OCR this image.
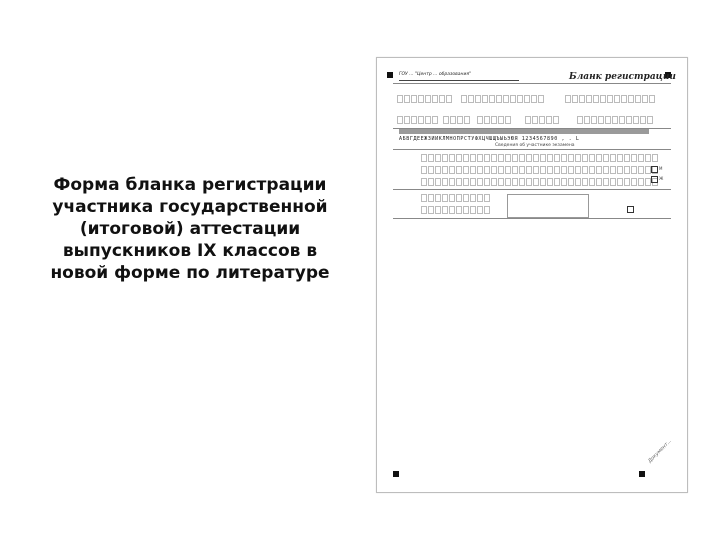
Форма бланка регистрации участника государственной (итоговой) аттестации выпускников IX классов в новой форме по литературе
ГОУ ... "Центр ... образования"	Бланк регистрации
АБВГДЕЁЖЗИЙКЛМНОПРСТУФХЦЧШЩЪЫЬЭЮЯ 1234567890 , . L
Сведения об участнике экзамена
М
Ж
Документ...
